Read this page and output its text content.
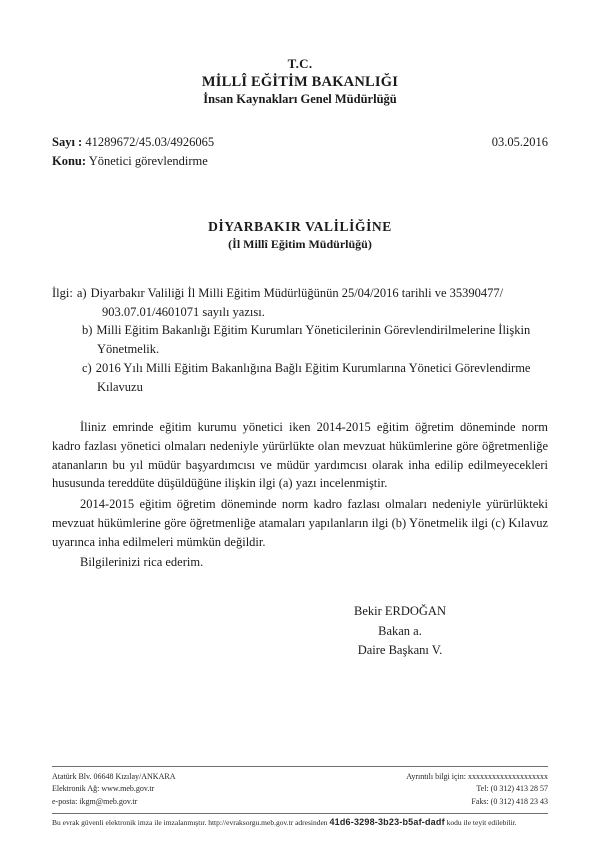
T.C.
MİLLÎ EĞİTİM BAKANLIĞI
İnsan Kaynakları Genel Müdürlüğü
Sayı : 41289672/45.03/4926065	03.05.2016
Konu: Yönetici görevlendirme
DİYARBAKIR VALİLİĞİNE
(İl Millî Eğitim Müdürlüğü)
İlgi: a) Diyarbakır Valiliği İl Milli Eğitim Müdürlüğünün 25/04/2016 tarihli ve 35390477/
903.07.01/4601071 sayılı yazısı.
b) Milli Eğitim Bakanlığı Eğitim Kurumları Yöneticilerinin Görevlendirilmelerine İlişkin
Yönetmelik.
c) 2016 Yılı Milli Eğitim Bakanlığına Bağlı Eğitim Kurumlarına Yönetici Görevlendirme
Kılavuzu

İliniz emrinde eğitim kurumu yönetici iken 2014-2015 eğitim öğretim döneminde norm kadro fazlası yönetici olmaları nedeniyle yürürlükte olan mevzuat hükümlerine göre öğretmenliğe atananların bu yıl müdür başyardımcısı ve müdür yardımcısı olarak inha edilip edilmeyecekleri hususunda tereddüte düşüldüğüne ilişkin ilgi (a) yazı incelenmiştir.

2014-2015 eğitim öğretim döneminde norm kadro fazlası olmaları nedeniyle yürürlükteki mevzuat hükümlerine göre öğretmenliğe atamaları yapılanların ilgi (b) Yönetmelik ilgi (c) Kılavuz uyarınca inha edilmeleri mümkün değildir.

Bilgilerinizi rica ederim.

Bekir ERDOĞAN
Bakan a.
Daire Başkanı V.
Atatürk Blv. 06648 Kızılay/ANKARA
Elektronik Ağ: www.meb.gov.tr
e-posta: ikgm@meb.gov.tr
Ayrıntılı bilgi için: xxxxxxxxxxxxxxxxxxxx
Tel: (0 312) 413 28 57
Faks: (0 312) 418 23 43
Bu evrak güvenli elektronik imza ile imzalanmıştır. http://evraksorgu.meb.gov.tr adresinden 41d6-3298-3b23-b5af-dadf kodu ile teyit edilebilir.
